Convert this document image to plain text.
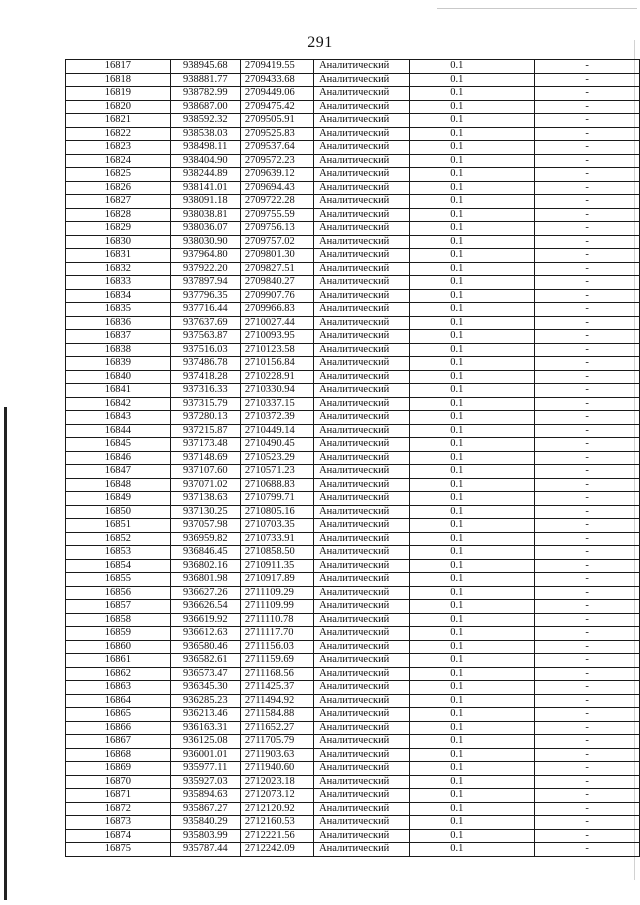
291
16817	938945.68	2709419.55	Аналитический	0.1	-
16818	938881.77	2709433.68	Аналитический	0.1	-
16819	938782.99	2709449.06	Аналитический	0.1	-
16820	938687.00	2709475.42	Аналитический	0.1	-
16821	938592.32	2709505.91	Аналитический	0.1	-
16822	938538.03	2709525.83	Аналитический	0.1	-
16823	938498.11	2709537.64	Аналитический	0.1	-
16824	938404.90	2709572.23	Аналитический	0.1	-
16825	938244.89	2709639.12	Аналитический	0.1	-
16826	938141.01	2709694.43	Аналитический	0.1	-
16827	938091.18	2709722.28	Аналитический	0.1	-
16828	938038.81	2709755.59	Аналитический	0.1	-
16829	938036.07	2709756.13	Аналитический	0.1	-
16830	938030.90	2709757.02	Аналитический	0.1	-
16831	937964.80	2709801.30	Аналитический	0.1	-
16832	937922.20	2709827.51	Аналитический	0.1	-
16833	937897.94	2709840.27	Аналитический	0.1	-
16834	937796.35	2709907.76	Аналитический	0.1	-
16835	937716.44	2709966.83	Аналитический	0.1	-
16836	937637.69	2710027.44	Аналитический	0.1	-
16837	937563.87	2710093.95	Аналитический	0.1	-
16838	937516.03	2710123.58	Аналитический	0.1	-
16839	937486.78	2710156.84	Аналитический	0.1	-
16840	937418.28	2710228.91	Аналитический	0.1	-
16841	937316.33	2710330.94	Аналитический	0.1	-
16842	937315.79	2710337.15	Аналитический	0.1	-
16843	937280.13	2710372.39	Аналитический	0.1	-
16844	937215.87	2710449.14	Аналитический	0.1	-
16845	937173.48	2710490.45	Аналитический	0.1	-
16846	937148.69	2710523.29	Аналитический	0.1	-
16847	937107.60	2710571.23	Аналитический	0.1	-
16848	937071.02	2710688.83	Аналитический	0.1	-
16849	937138.63	2710799.71	Аналитический	0.1	-
16850	937130.25	2710805.16	Аналитический	0.1	-
16851	937057.98	2710703.35	Аналитический	0.1	-
16852	936959.82	2710733.91	Аналитический	0.1	-
16853	936846.45	2710858.50	Аналитический	0.1	-
16854	936802.16	2710911.35	Аналитический	0.1	-
16855	936801.98	2710917.89	Аналитический	0.1	-
16856	936627.26	2711109.29	Аналитический	0.1	-
16857	936626.54	2711109.99	Аналитический	0.1	-
16858	936619.92	2711110.78	Аналитический	0.1	-
16859	936612.63	2711117.70	Аналитический	0.1	-
16860	936580.46	2711156.03	Аналитический	0.1	-
16861	936582.61	2711159.69	Аналитический	0.1	-
16862	936573.47	2711168.56	Аналитический	0.1	-
16863	936345.30	2711425.37	Аналитический	0.1	-
16864	936285.23	2711494.92	Аналитический	0.1	-
16865	936213.46	2711584.88	Аналитический	0.1	-
16866	936163.31	2711652.27	Аналитический	0.1	-
16867	936125.08	2711705.79	Аналитический	0.1	-
16868	936001.01	2711903.63	Аналитический	0.1	-
16869	935977.11	2711940.60	Аналитический	0.1	-
16870	935927.03	2712023.18	Аналитический	0.1	-
16871	935894.63	2712073.12	Аналитический	0.1	-
16872	935867.27	2712120.92	Аналитический	0.1	-
16873	935840.29	2712160.53	Аналитический	0.1	-
16874	935803.99	2712221.56	Аналитический	0.1	-
16875	935787.44	2712242.09	Аналитический	0.1	-
